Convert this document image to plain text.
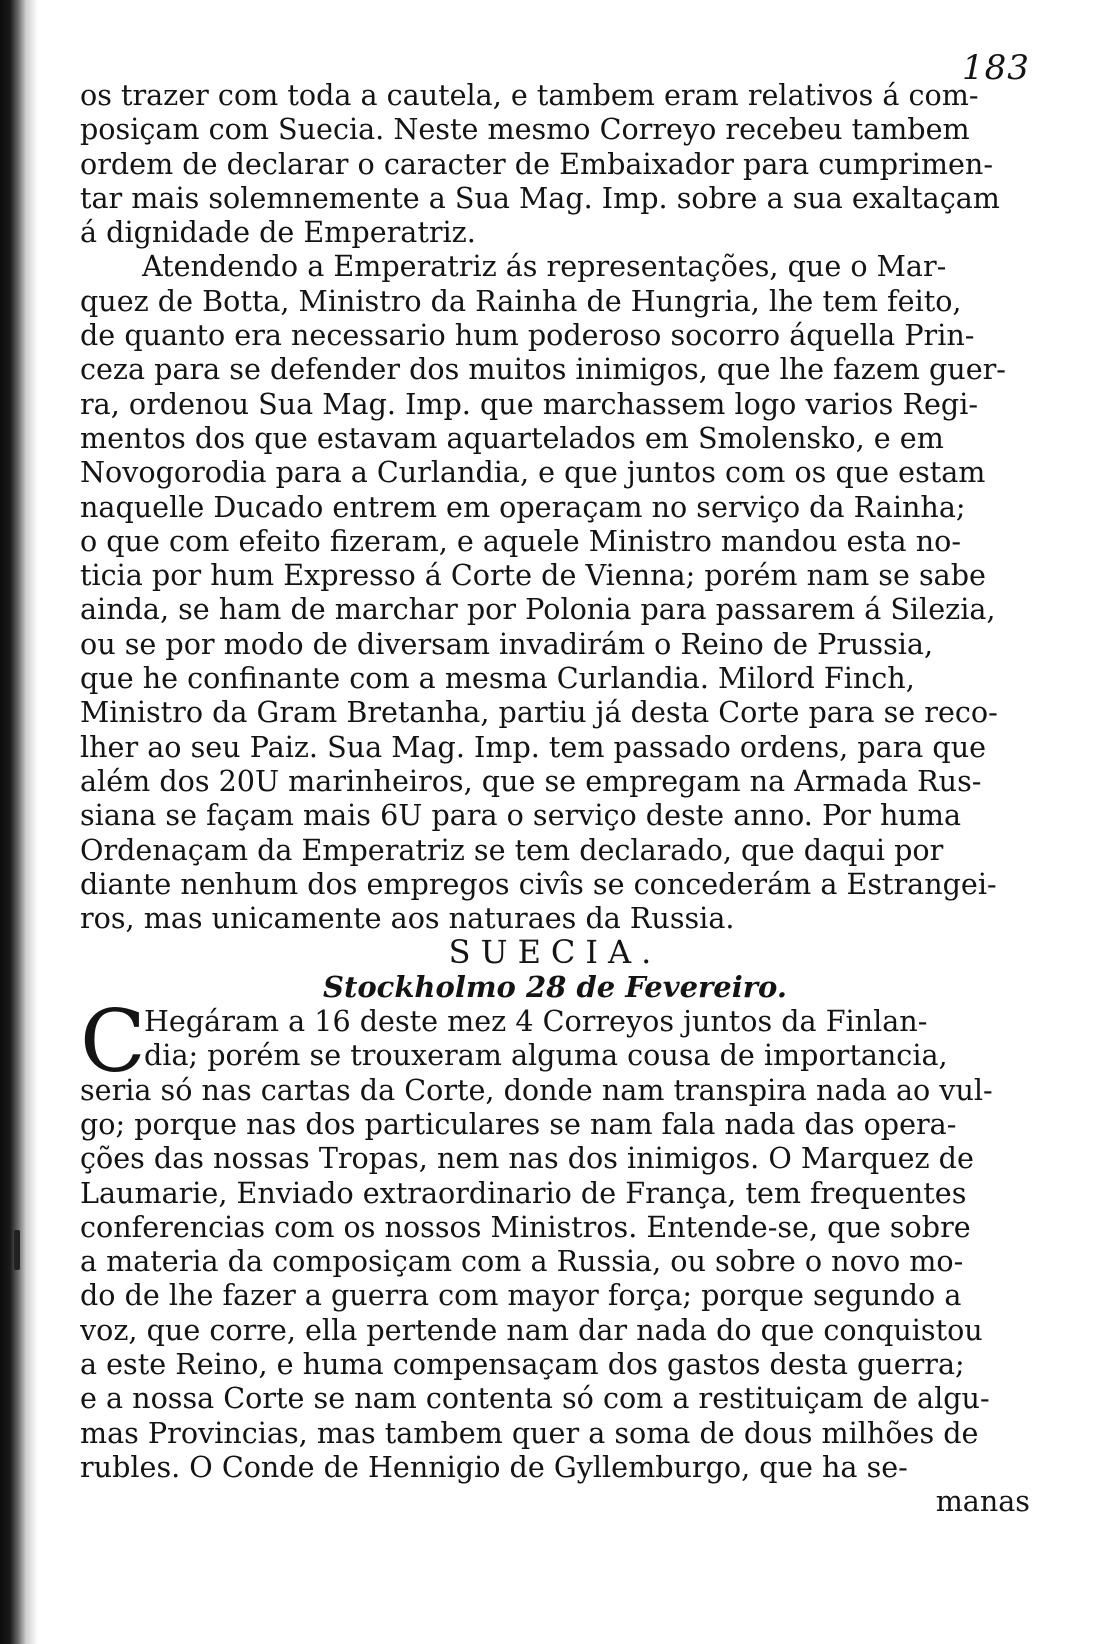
183

os trazer com toda a cautela, e tambem eram relativos á com-
posiçam com Suecia. Neste mesmo Correyo recebeu tambem
ordem de declarar o caracter de Embaixador para cumprimen-
tar mais solemnemente a Sua Mag. Imp. sobre a sua exaltaçam
á dignidade de Emperatriz.

Atendendo a Emperatriz ás representações, que o Mar-
quez de Botta, Ministro da Rainha de Hungria, lhe tem feito,
de quanto era necessario hum poderoso socorro áquella Prin-
ceza para se defender dos muitos inimigos, que lhe fazem guer-
ra, ordenou Sua Mag. Imp. que marchassem logo varios Regi-
mentos dos que estavam aquartelados em Smolensko, e em
Novogorodia para a Curlandia, e que juntos com os que estam
naquelle Ducado entrem em operaçam no serviço da Rainha;
o que com efeito fizeram, e aquele Ministro mandou esta no-
ticia por hum Expresso á Corte de Vienna; porém nam se sabe
ainda, se ham de marchar por Polonia para passarem á Silezia,
ou se por modo de diversam invadirám o Reino de Prussia,
que he confinante com a mesma Curlandia. Milord Finch,
Ministro da Gram Bretanha, partiu já desta Corte para se reco-
lher ao seu Paiz. Sua Mag. Imp. tem passado ordens, para que
além dos 20U marinheiros, que se empregam na Armada Rus-
siana se façam mais 6U para o serviço deste anno. Por huma
Ordenaçam da Emperatriz se tem declarado, que daqui por
diante nenhum dos empregos civîs se concederám a Estrangei-
ros, mas unicamente aos naturaes da Russia.

SUECIA.
Stockholmo 28 de Fevereiro.

C
Hegáram a 16 deste mez 4 Correyos juntos da Finlan-
dia; porém se trouxeram alguma cousa de importancia,
seria só nas cartas da Corte, donde nam transpira nada ao vul-
go; porque nas dos particulares se nam fala nada das opera-
ções das nossas Tropas, nem nas dos inimigos. O Marquez de
Laumarie, Enviado extraordinario de França, tem frequentes
conferencias com os nossos Ministros. Entende-se, que sobre
a materia da composiçam com a Russia, ou sobre o novo mo-
do de lhe fazer a guerra com mayor força; porque segundo a
voz, que corre, ella pertende nam dar nada do que conquistou
a este Reino, e huma compensaçam dos gastos desta guerra;
e a nossa Corte se nam contenta só com a restituiçam de algu-
mas Provincias, mas tambem quer a soma de dous milhões de
rubles. O Conde de Hennigio de Gyllemburgo, que ha se-

manas
